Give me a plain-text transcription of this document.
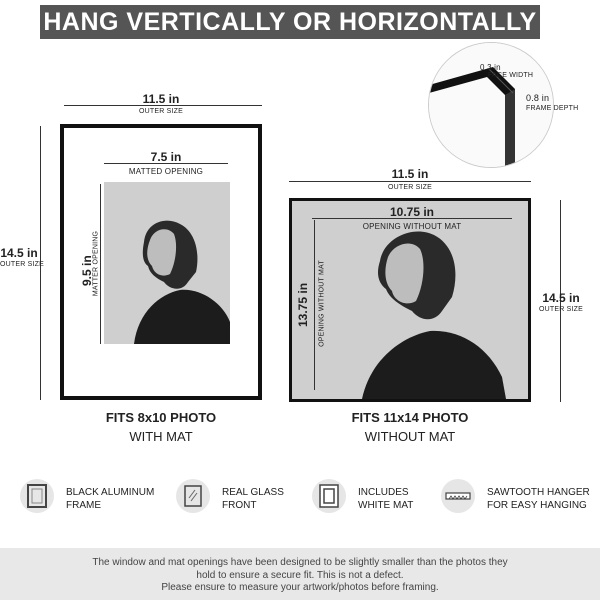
HANG VERTICALLY OR HORIZONTALLY
0.3 in
FACE WIDTH
0.8 in
FRAME DEPTH
11.5 in
OUTER SIZE
14.5 in
OUTER SIZE
7.5 in
MATTED OPENING
9.5 in
MATTER OPENING
FITS 8x10 PHOTO
WITH MAT
11.5 in
OUTER SIZE
14.5 in
OUTER SIZE
10.75 in
OPENING WITHOUT MAT
13.75 in OPENING WITHOUT MAT
FITS 11x14 PHOTO
WITHOUT MAT
BLACK ALUMINUM
FRAME
REAL GLASS
FRONT
INCLUDES
WHITE MAT
SAWTOOTH HANGER
FOR EASY HANGING
The window and mat openings have been designed to be slightly smaller than the photos they
hold to ensure a secure fit. This is not a defect.
Please ensure to measure your artwork/photos before framing.
